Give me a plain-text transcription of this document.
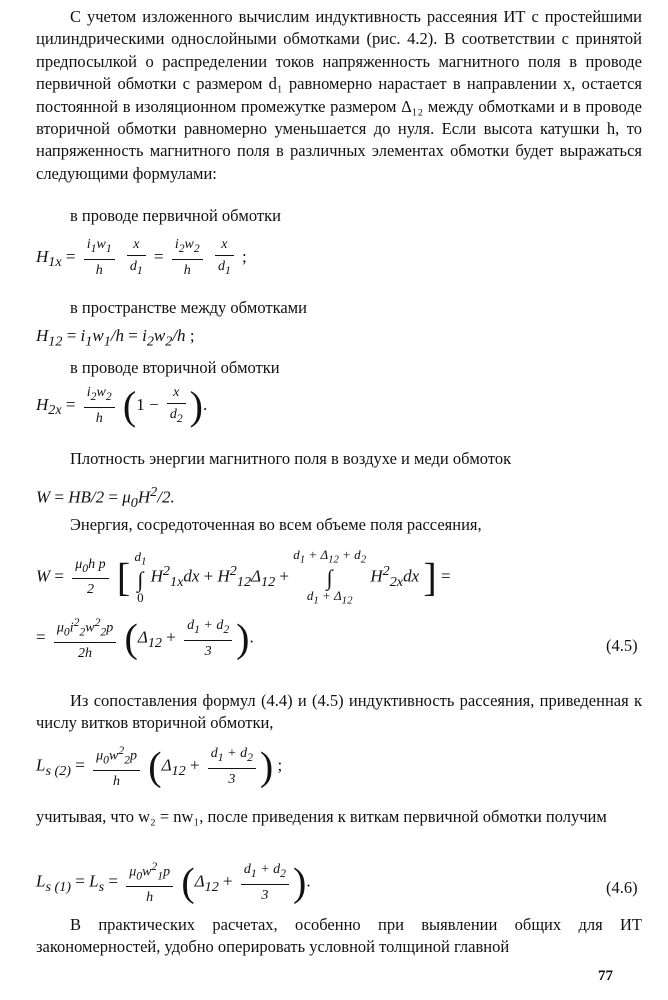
С учетом изложенного вычислим индуктивность рассеяния ИТ с простейшими цилиндрическими однослойными обмотками (рис. 4.2). В соответствии с принятой предпосылкой о распределении токов напряженность магнитного поля в проводе первичной обмотки с размером d₁ равномерно нарастает в направлении x, остается постоянной в изоляционном промежутке размером Δ₁₂ между обмотками и в проводе вторичной обмотки равномерно уменьшается до нуля. Если высота катушки h, то напряженность магнитного поля в различных элементах обмотки будет выражаться следующими формулами:

в проводе первичной обмотки

$H_{1x} = \frac{i_1w_1}{h}$
$\frac{x}{d_1} = \frac{i_2w_2}{h}$
$\frac{x}{d_1}$ ;

в пространстве между обмотками

$H_{12} = i_1w_1/h = i_2w_2/h$ ;

в проводе вторичной обмотки

$H_{2x} = \frac{i_2w_2}{h} (1 - \frac{x}{d_2}$ ).

Плотность энергии магнитного поля в воздухе и меди обмоток

$W = HB/2 = \mu_0H^2/2$.

Энергия, сосредоточенная во всем объеме поля рассеяния,

$W = \frac{\mu_0h p}{2}$ [ $d_1$
∫
0
$H^2_{1x}dx + H^2_{12}\Delta_{12}$ +
$d_1 + \Delta_{12} + d_2$
∫
$d_1 + \Delta_{12}$
$H^2_{2x}dx$ ] =
= $\frac{\mu_0i^2_2w^2_2p}{2h} (\Delta_{12} + \frac{d_1 + d_2}{3}$ ).	(4.5)

Из сопоставления формул (4.4) и (4.5) индуктивность рассеяния, приведенная к числу витков вторичной обмотки,

$L_{s (2)} = \frac{\mu_0w^2_2p}{h} (\Delta_{12} + \frac{d_1 + d_2}{3}$ ) ;

учитывая, что w₂ = nw₁, после приведения к виткам первичной обмотки получим

$L_{s (1)} = L_s = \frac{\mu_0w^2_1p}{h} (\Delta_{12} + \frac{d_1 + d_2}{3}$ ).	(4.6)

В практических расчетах, особенно при выявлении общих для ИТ закономерностей, удобно оперировать условной толщиной главной

77
